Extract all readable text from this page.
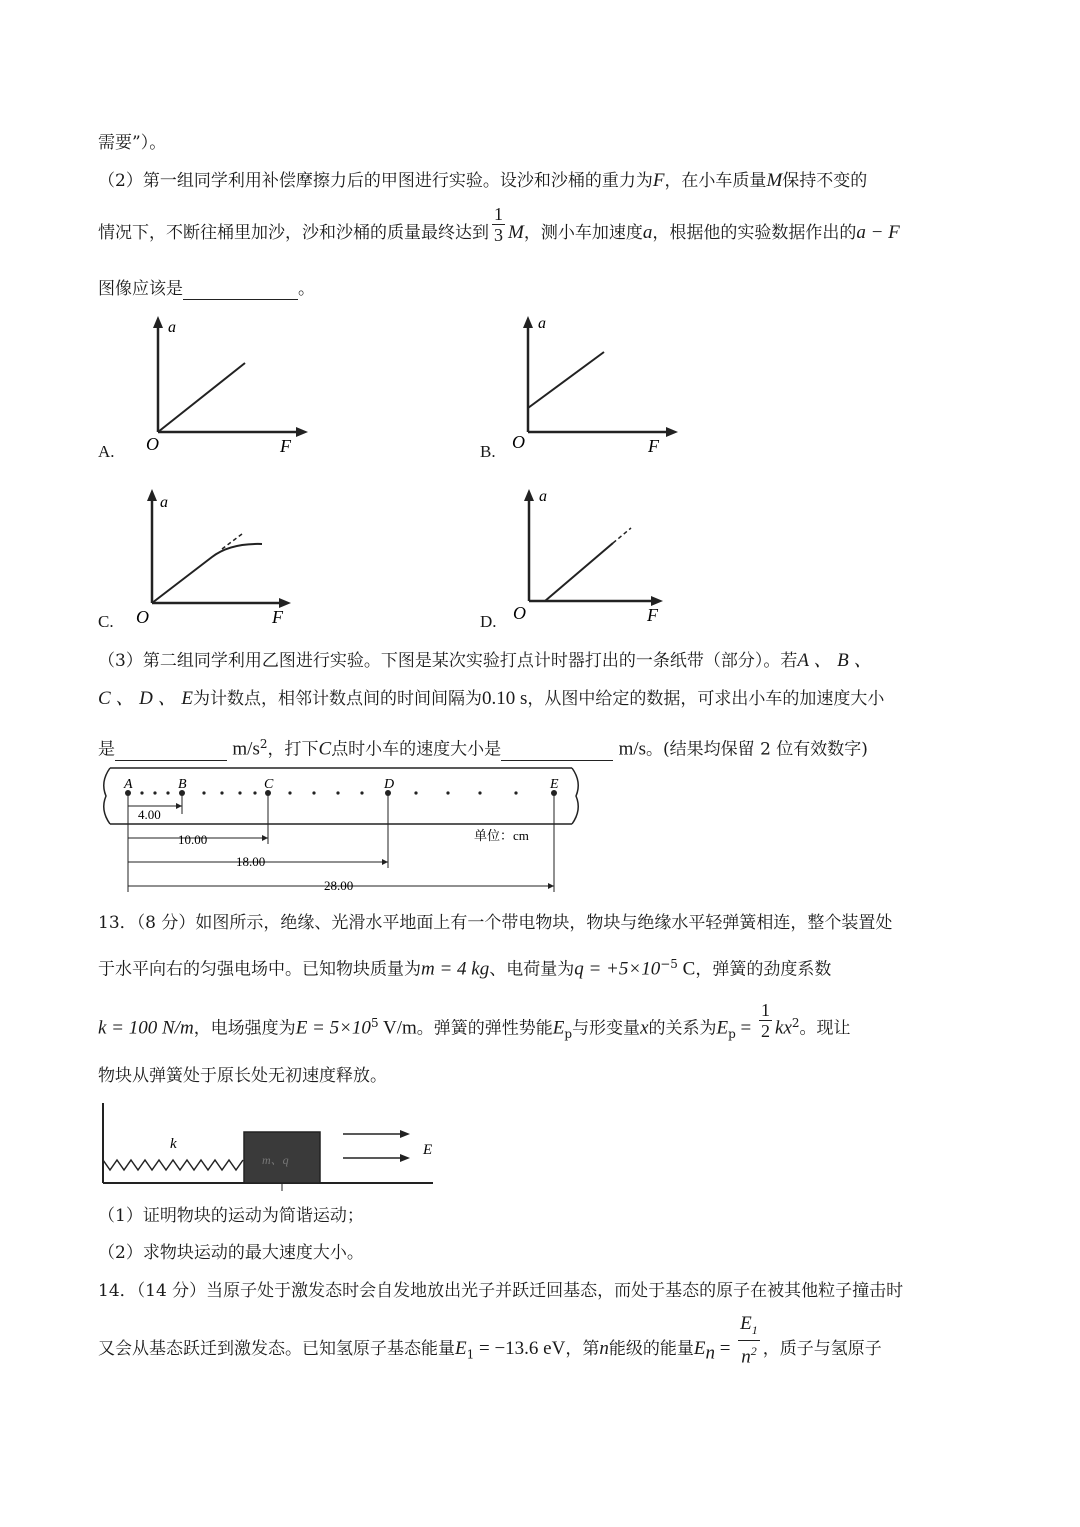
需要”）。
（2）第一组同学利用补偿摩擦力后的甲图进行实验。设沙和沙桶的重力为F，在小车质量M保持不变的
情况下，不断往桶里加沙，沙和沙桶的质量最终达到 $\frac{1}{3}$ M，测小车加速度a，根据他的实验数据作出的a − F
图像应该是	。
a
O	F
A.
a
O	F
B.
a
O	F
C.
a
O	F
D.
（3）第二组同学利用乙图进行实验。下图是某次实验打点计时器打出的一条纸带（部分）。若A 、 B 、
C 、 D 、 E为计数点，相邻计数点间的时间间隔为0.10 s，从图中给定的数据，可求出小车的加速度大小
是	$m/s^2$，打下C点时小车的速度大小是	m/s。(结果均保留 2 位有效数字)
A	B	C	D	E
4.00
10.00
18.00
28.00
单位：cm
13．（8 分）如图所示，绝缘、光滑水平地面上有一个带电物块，物块与绝缘水平轻弹簧相连，整个装置处
于水平向右的匀强电场中。已知物块质量为m = 4 kg、电荷量为$q = +5\times 10^{-5}$ C，弹簧的劲度系数
k = 100 N/m，电场强度为$E = 5\times 10^5$ V/m。弹簧的弹性势能$E_p$与形变量x的关系为$E_p = \frac{1}{2} kx^2$。现让
物块从弹簧处于原长处无初速度释放。
m、q
k	E
（1）证明物块的运动为简谐运动；
（2）求物块运动的最大速度大小。
14．（14 分）当原子处于激发态时会自发地放出光子并跃迁回基态，而处于基态的原子在被其他粒子撞击时
又会从基态跃迁到激发态。已知氢原子基态能量$E_1 = -13.6$ eV，第n能级的能量$E_n = \frac{E_1}{n^2}$ ，质子与氢原子
